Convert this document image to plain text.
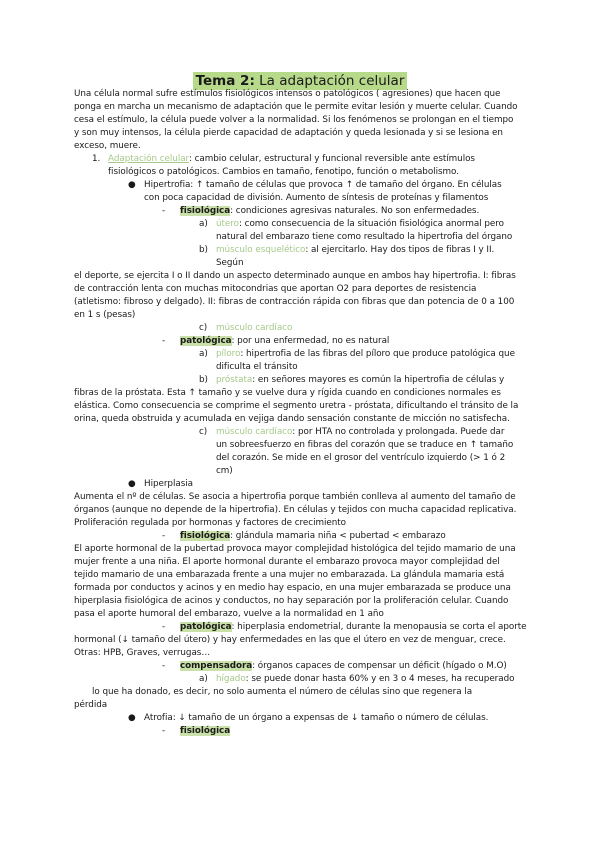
Tema 2: La adaptación celular
Una célula normal sufre estímulos fisiológicos intensos o patológicos ( agresiones) que hacen que
ponga en marcha un mecanismo de adaptación que le permite evitar lesión y muerte celular. Cuando
cesa el estímulo, la célula puede volver a la normalidad. Si los fenómenos se prolongan en el tiempo
y son muy intensos, la célula pierde capacidad de adaptación y queda lesionada y si se lesiona en
exceso, muere.
1. Adaptación celular: cambio celular, estructural y funcional reversible ante estímulos
fisiológicos o patológicos. Cambios en tamaño, fenotipo, función o metabolismo.
● Hipertrofia: ↑ tamaño de células que provoca ↑ de tamaño del órgano. En células
con poca capacidad de división. Aumento de síntesis de proteínas y filamentos
- fisiológica: condiciones agresivas naturales. No son enfermedades.
a) útero: como consecuencia de la situación fisiológica anormal pero
natural del embarazo tiene como resultado la hipertrofia del órgano
b) músculo esquelético: al ejercitarlo. Hay dos tipos de fibras I y II.
Según
el deporte, se ejercita I o II dando un aspecto determinado aunque en ambos hay hipertrofia. I: fibras
de contracción lenta con muchas mitocondrias que aportan O2 para deportes de resistencia
(atletismo: fibroso y delgado). II: fibras de contracción rápida con fibras que dan potencia de 0 a 100
en 1 s (pesas)
c) músculo cardíaco
- patológica: por una enfermedad, no es natural
a) píloro: hipertrofia de las fibras del píloro que produce patológica que
dificulta el tránsito
b) próstata: en señores mayores es común la hipertrofia de células y
fibras de la próstata. Esta ↑ tamaño y se vuelve dura y rígida cuando en condiciones normales es
elástica. Como consecuencia se comprime el segmento uretra - próstata, dificultando el tránsito de la
orina, queda obstruida y acumulada en vejiga dando sensación constante de micción no satisfecha.
c) músculo cardíaco: por HTA no controlada y prolongada. Puede dar
un sobreesfuerzo en fibras del corazón que se traduce en ↑ tamaño
del corazón. Se mide en el grosor del ventrículo izquierdo (> 1 ó 2
cm)
● Hiperplasia
Aumenta el nº de células. Se asocia a hipertrofia porque también conlleva al aumento del tamaño de
órganos (aunque no depende de la hipertrofia). En células y tejidos con mucha capacidad replicativa.
Proliferación regulada por hormonas y factores de crecimiento
- fisiológica: glándula mamaria niña < pubertad < embarazo
El aporte hormonal de la pubertad provoca mayor complejidad histológica del tejido mamario de una
mujer frente a una niña. El aporte hormonal durante el embarazo provoca mayor complejidad del
tejido mamario de una embarazada frente a una mujer no embarazada. La glándula mamaria está
formada por conductos y acinos y en medio hay espacio, en una mujer embarazada se produce una
hiperplasia fisiológica de acinos y conductos, no hay separación por la proliferación celular. Cuando
pasa el aporte humoral del embarazo, vuelve a la normalidad en 1 año
- patológica: hiperplasia endometrial, durante la menopausia se corta el aporte
hormonal (↓ tamaño del útero) y hay enfermedades en las que el útero en vez de menguar, crece.
Otras: HPB, Graves, verrugas…
- compensadora: órganos capaces de compensar un déficit (hígado o M.O)
a) hígado: se puede donar hasta 60% y en 3 o 4 meses, ha recuperado
lo que ha donado, es decir, no solo aumenta el número de células sino que regenera la
pérdida
● Atrofia: ↓ tamaño de un órgano a expensas de ↓ tamaño o número de células.
- fisiológica
